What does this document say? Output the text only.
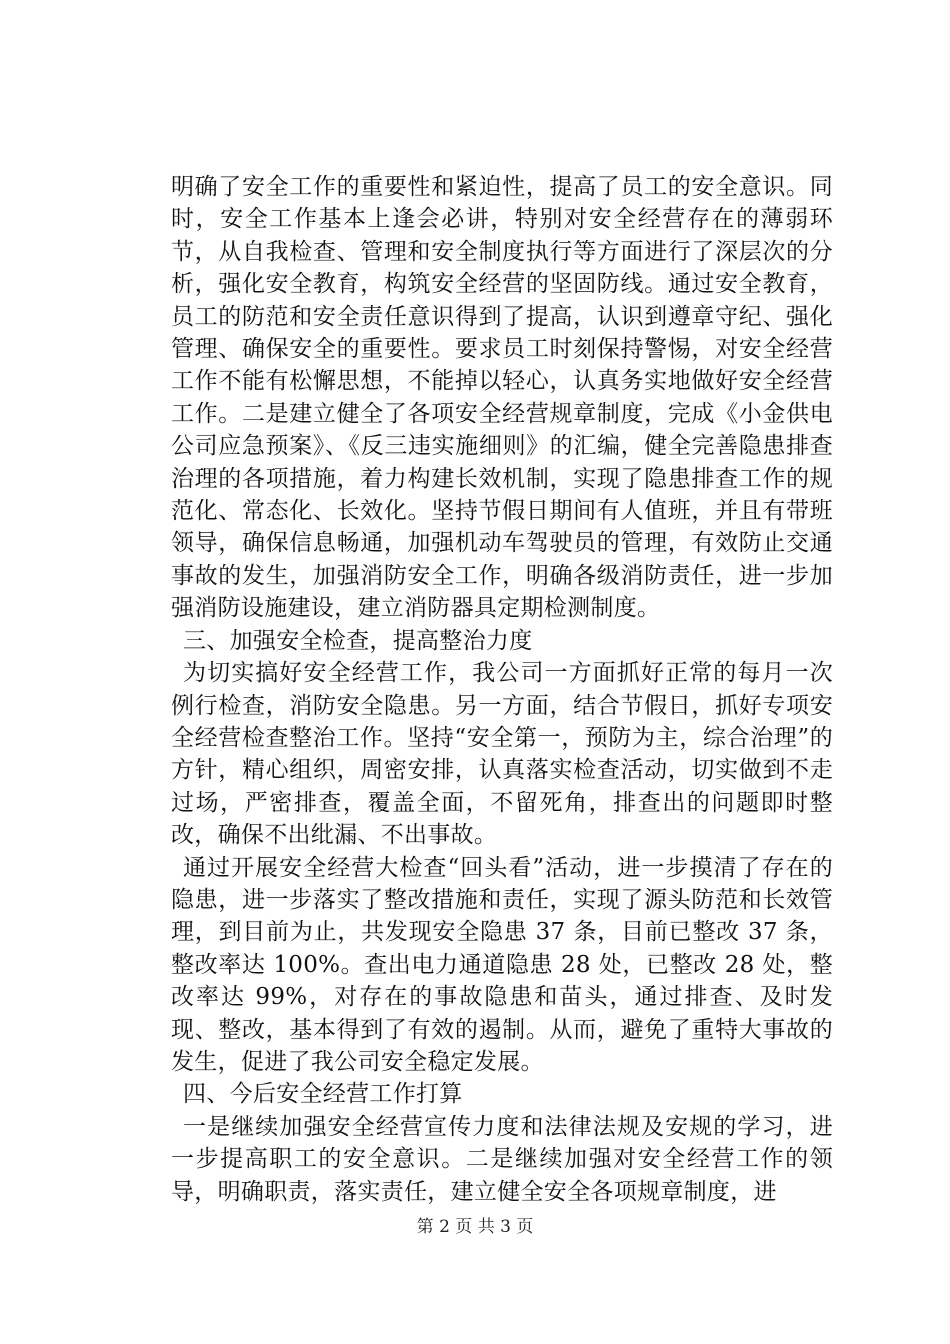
明确了安全工作的重要性和紧迫性，提高了员工的安全意识。同时，安全工作基本上逢会必讲，特别对安全经营存在的薄弱环节，从自我检查、管理和安全制度执行等方面进行了深层次的分析，强化安全教育，构筑安全经营的坚固防线。通过安全教育，员工的防范和安全责任意识得到了提高，认识到遵章守纪、强化管理、确保安全的重要性。要求员工时刻保持警惕，对安全经营工作不能有松懈思想，不能掉以轻心，认真务实地做好安全经营工作。二是建立健全了各项安全经营规章制度，完成《小金供电公司应急预案》、《反三违实施细则》的汇编，健全完善隐患排查治理的各项措施，着力构建长效机制，实现了隐患排查工作的规范化、常态化、长效化。坚持节假日期间有人值班，并且有带班领导，确保信息畅通，加强机动车驾驶员的管理，有效防止交通事故的发生，加强消防安全工作，明确各级消防责任，进一步加强消防设施建设，建立消防器具定期检测制度。

三、加强安全检查，提高整治力度

为切实搞好安全经营工作，我公司一方面抓好正常的每月一次例行检查，消防安全隐患。另一方面，结合节假日，抓好专项安全经营检查整治工作。坚持“安全第一，预防为主，综合治理”的方针，精心组织，周密安排，认真落实检查活动，切实做到不走过场，严密排查，覆盖全面，不留死角，排查出的问题即时整改，确保不出纰漏、不出事故。

通过开展安全经营大检查“回头看”活动，进一步摸清了存在的隐患，进一步落实了整改措施和责任，实现了源头防范和长效管理，到目前为止，共发现安全隐患 37 条，目前已整改 37 条，整改率达 100%。查出电力通道隐患 28 处，已整改 28 处，整改率达 99%，对存在的事故隐患和苗头，通过排查、及时发现、整改，基本得到了有效的遏制。从而，避免了重特大事故的发生，促进了我公司安全稳定发展。

四、今后安全经营工作打算

一是继续加强安全经营宣传力度和法律法规及安规的学习，进一步提高职工的安全意识。二是继续加强对安全经营工作的领导，明确职责，落实责任，建立健全安全各项规章制度，进

第 2 页 共 3 页
